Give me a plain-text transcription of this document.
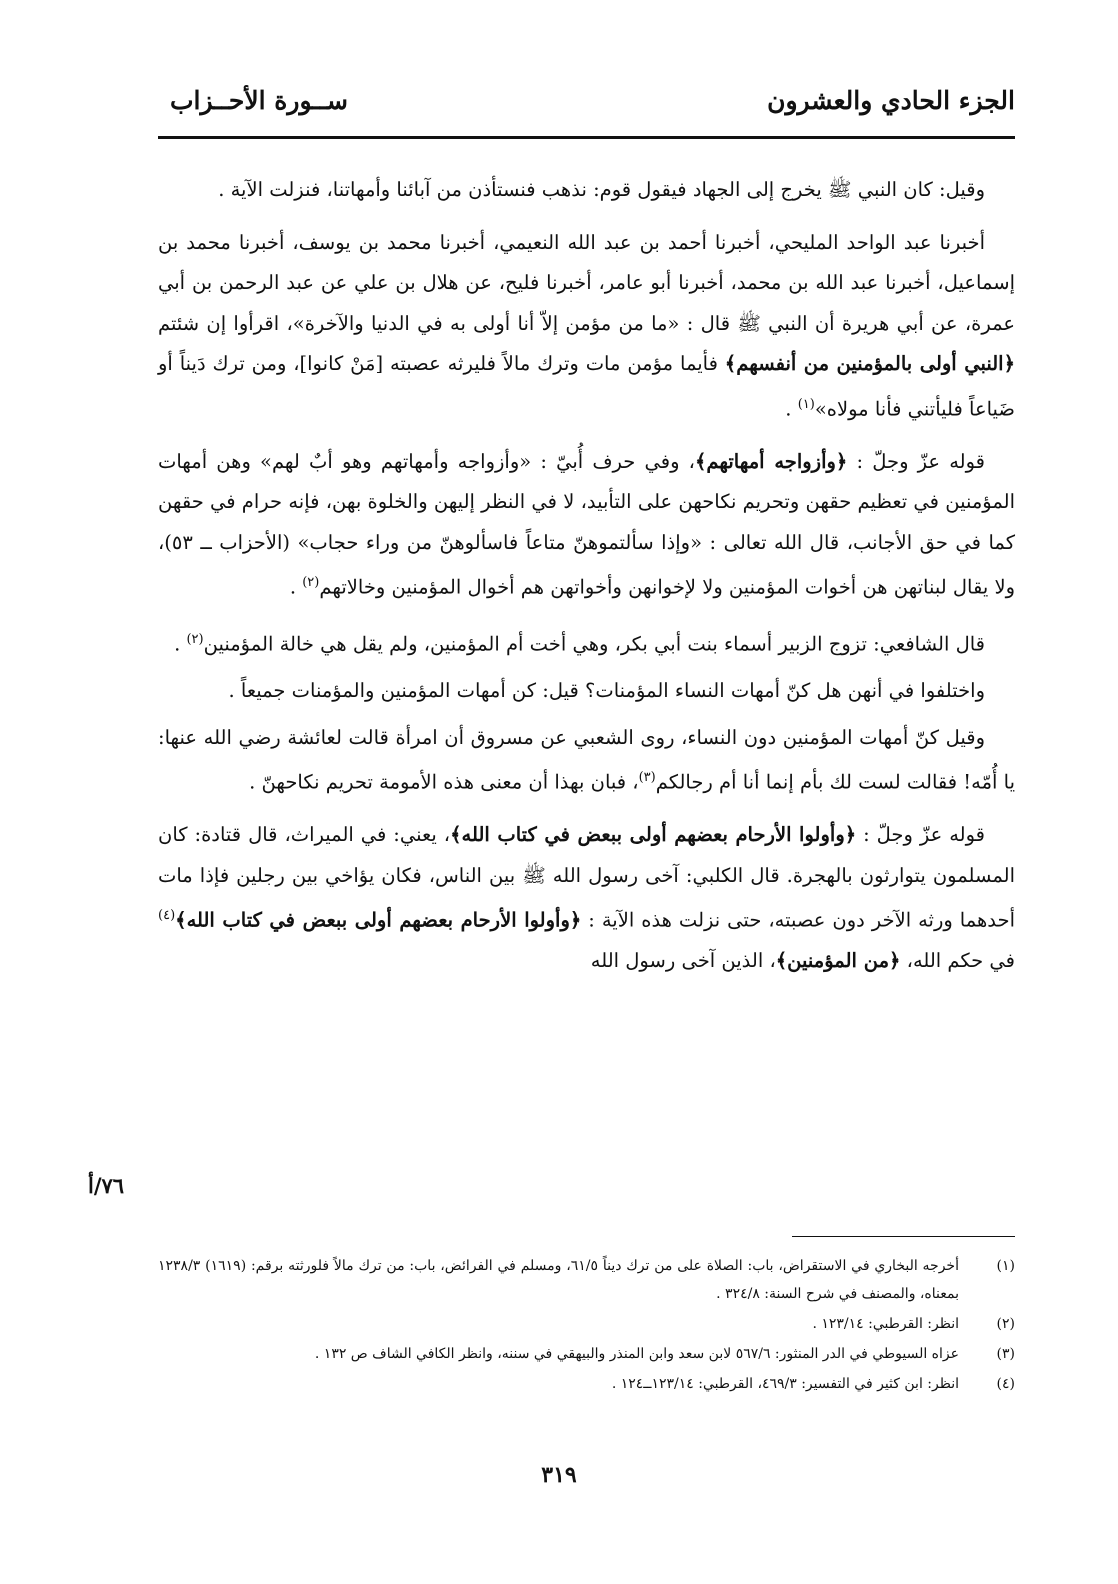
الجزء الحادي والعشرون
ســورة الأحــزاب

وقيل: كان النبي ﷺ يخرج إلى الجهاد فيقول قوم: نذهب فنستأذن من آبائنا وأمهاتنا، فنزلت الآية .

أخبرنا عبد الواحد المليحي، أخبرنا أحمد بن عبد الله النعيمي، أخبرنا محمد بن يوسف، أخبرنا محمد بن إسماعيل، أخبرنا عبد الله بن محمد، أخبرنا أبو عامر، أخبرنا فليح، عن هلال بن علي عن عبد الرحمن بن أبي عمرة، عن أبي هريرة أن النبي ﷺ قال : «ما من مؤمن إلاّ أنا أولى به في الدنيا والآخرة»، اقرأوا إن شئتم ﴿النبي أولى بالمؤمنين من أنفسهم﴾ فأيما مؤمن مات وترك مالاً فليرثه عصبته [مَنْ كانوا]، ومن ترك دَيناً أو ضَياعاً فليأتني فأنا مولاه»$^{(١)}$ .

قوله عزّ وجلّ : ﴿وأزواجه أمهاتهم﴾، وفي حرف أُبيّ : «وأزواجه وأمهاتهم وهو أبٌ لهم» وهن أمهات المؤمنين في تعظيم حقهن وتحريم نكاحهن على التأبيد، لا في النظر إليهن والخلوة بهن، فإنه حرام في حقهن كما في حق الأجانب، قال الله تعالى : «وإذا سألتموهنّ متاعاً فاسألوهنّ من وراء حجاب» (الأحزاب ــ ٥٣)، ولا يقال لبناتهن هن أخوات المؤمنين ولا لإخوانهن وأخواتهن هم أخوال المؤمنين وخالاتهم$^{(٢)}$ .

قال الشافعي: تزوج الزبير أسماء بنت أبي بكر، وهي أخت أم المؤمنين، ولم يقل هي خالة المؤمنين$^{(٢)}$ .

واختلفوا في أنهن هل كنّ أمهات النساء المؤمنات؟ قيل: كن أمهات المؤمنين والمؤمنات جميعاً .

وقيل كنّ أمهات المؤمنين دون النساء، روى الشعبي عن مسروق أن امرأة قالت لعائشة رضي الله عنها: يا أُمّه! فقالت لست لك بأم إنما أنا أم رجالكم$^{(٣)}$، فبان بهذا أن معنى هذه الأمومة تحريم نكاحهنّ .

قوله عزّ وجلّ : ﴿وأولوا الأرحام بعضهم أولى ببعض في كتاب الله﴾، يعني: في الميراث، قال قتادة: كان المسلمون يتوارثون بالهجرة. قال الكلبي: آخى رسول الله ﷺ بين الناس، فكان يؤاخي بين رجلين فإذا مات أحدهما ورثه الآخر دون عصبته، حتى نزلت هذه الآية : ﴿وأولوا الأرحام بعضهم أولى ببعض في كتاب الله﴾$^{(٤)}$ في حكم الله، ﴿من المؤمنين﴾، الذين آخى رسول الله

٧٦/أ
(١)
أخرجه البخاري في الاستقراض، باب: الصلاة على من ترك ديناً ٦١/٥، ومسلم في الفرائض، باب: من ترك مالاً فلورثته برقم: (١٦١٩) ١٢٣٨/٣ بمعناه، والمصنف في شرح السنة: ٣٢٤/٨ .
(٢)
انظر: القرطبي: ١٢٣/١٤ .
(٣)
عزاه السيوطي في الدر المنثور: ٥٦٧/٦ لابن سعد وابن المنذر والبيهقي في سننه، وانظر الكافي الشاف ص ١٣٢ .
(٤)
انظر: ابن كثير في التفسير: ٤٦٩/٣، القرطبي: ١٢٣/١٤ــ١٢٤ .
٣١٩
